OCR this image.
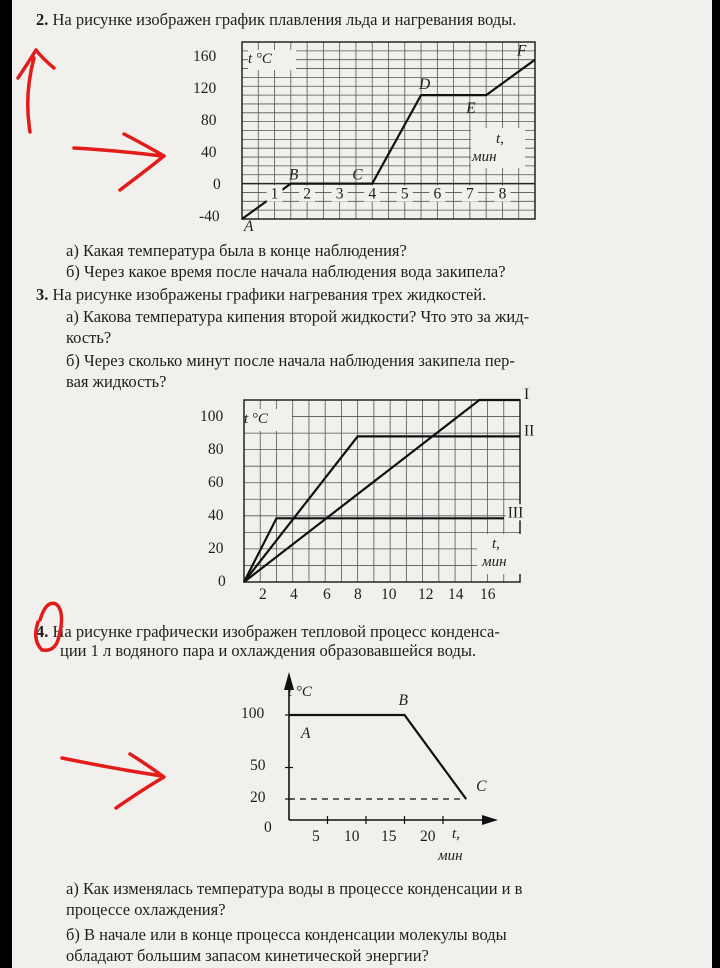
2. На рисунке изображен график плавления льда и нагревания воды.
A
B	C
D
E
F
1 2 3 4 5 6 7 8
160
120
80
40
0
-40
t °C
t,
мин
а) Какая температура была в конце наблюдения?
б) Через какое время после начала наблюдения вода закипела?
3. На рисунке изображены графики нагревания трех жидкостей.
а) Какова температура кипения второй жидкости? Что это за жид-
кость?
б) Через сколько минут после начала наблюдения закипела пер-
вая жидкость?
I
II
III
100
80
60
40
20
0
t °C
t,
мин
2 4 6 8 10 12 14 16
4. На рисунке графически изображен тепловой процесс конденса-
ции 1 л водяного пара и охлаждения образовавшейся воды.
A
B
C
100
50
20
0
5 10 15 20
t °C
t,
мин
а) Как изменялась температура воды в процессе конденсации и в
процессе охлаждения?
б) В начале или в конце процесса конденсации молекулы воды
обладают большим запасом кинетической энергии?
